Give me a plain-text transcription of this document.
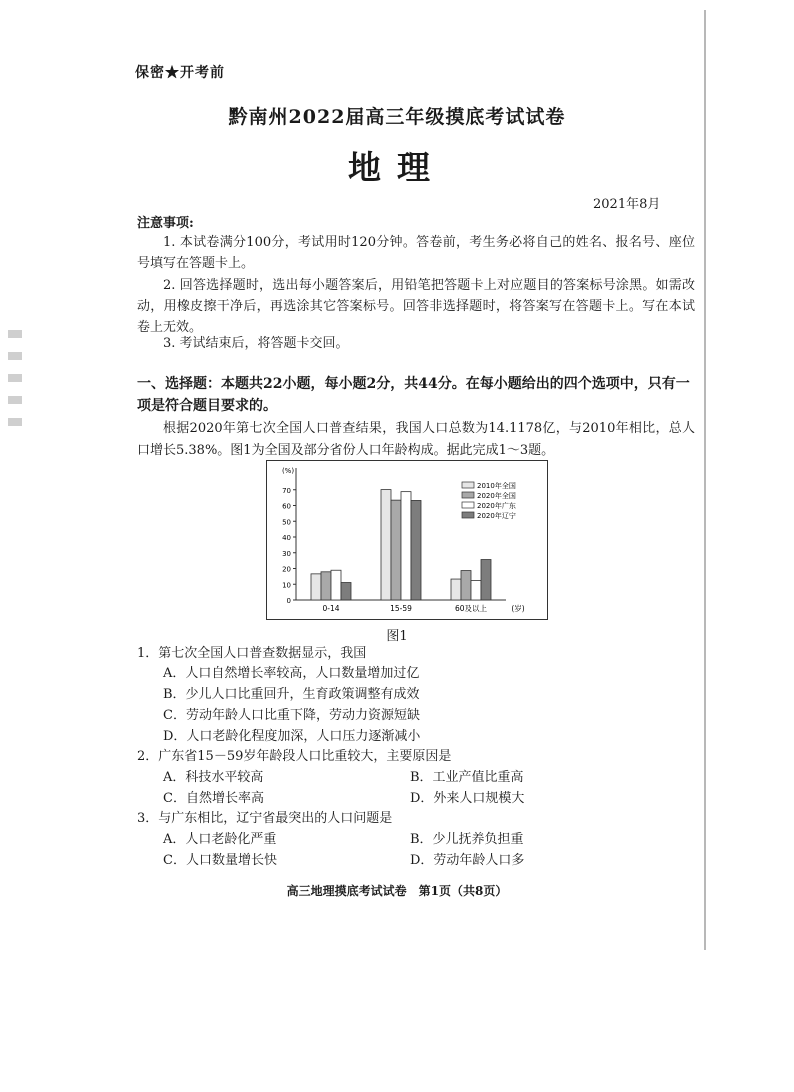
保密★开考前
黔南州2022届高三年级摸底考试试卷
地理
2021年8月
注意事项:
1. 本试卷满分100分，考试用时120分钟。答卷前，考生务必将自己的姓名、报名号、座位号填写在答题卡上。
2. 回答选择题时，选出每小题答案后，用铅笔把答题卡上对应题目的答案标号涂黑。如需改动，用橡皮擦干净后，再选涂其它答案标号。回答非选择题时，将答案写在答题卡上。写在本试卷上无效。
3. 考试结束后，将答题卡交回。
一、选择题：本题共22小题，每小题2分，共44分。在每小题给出的四个选项中，只有一项是符合题目要求的。
根据2020年第七次全国人口普查结果，我国人口总数为14.1178亿，与2010年相比，总人口增长5.38%。图1为全国及部分省份人口年龄构成。据此完成1～3题。
0
10
20
30
40
50
60
70
(%)
0-14	15-59	60及以上	(岁)
2010年全国
2020年全国
2020年广东
2020年辽宁
图1
1．第七次全国人口普查数据显示，我国
A．人口自然增长率较高，人口数量增加过亿
B．少儿人口比重回升，生育政策调整有成效
C．劳动年龄人口比重下降，劳动力资源短缺
D．人口老龄化程度加深，人口压力逐渐减小
2．广东省15－59岁年龄段人口比重较大，主要原因是
A．科技水平较高	B．工业产值比重高
C．自然增长率高	D．外来人口规模大
3．与广东相比，辽宁省最突出的人口问题是
A．人口老龄化严重	B．少儿抚养负担重
C．人口数量增长快	D．劳动年龄人口多
高三地理摸底考试试卷　第1页（共8页）
